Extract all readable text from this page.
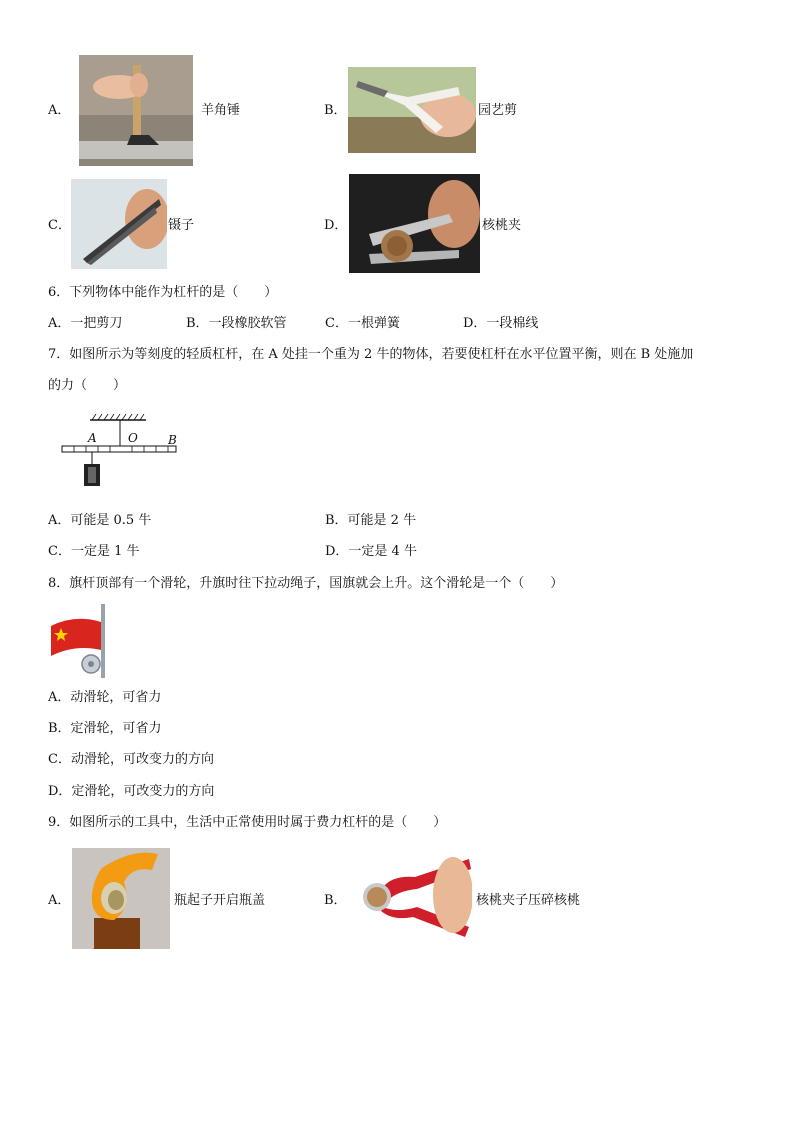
A．	羊角锤	B．	园艺剪
C．	镊子	D．	核桃夹
6．下列物体中能作为杠杆的是（　　）
A．一把剪刀	B．一段橡胶软管	C．一根弹簧	D．一段棉线
7．如图所示为等刻度的轻质杠杆，在 A 处挂一个重为 2 牛的物体，若要使杠杆在水平位置平衡，则在 B 处施加
的力（　　）
A	O	B
A．可能是 0.5 牛	B．可能是 2 牛
C．一定是 1 牛	D．一定是 4 牛
8．旗杆顶部有一个滑轮，升旗时往下拉动绳子，国旗就会上升。这个滑轮是一个（　　）
A．动滑轮，可省力
B．定滑轮，可省力
C．动滑轮，可改变力的方向
D．定滑轮，可改变力的方向
9．如图所示的工具中，生活中正常使用时属于费力杠杆的是（　　）
A．	瓶起子开启瓶盖	B．	核桃夹子压碎核桃
